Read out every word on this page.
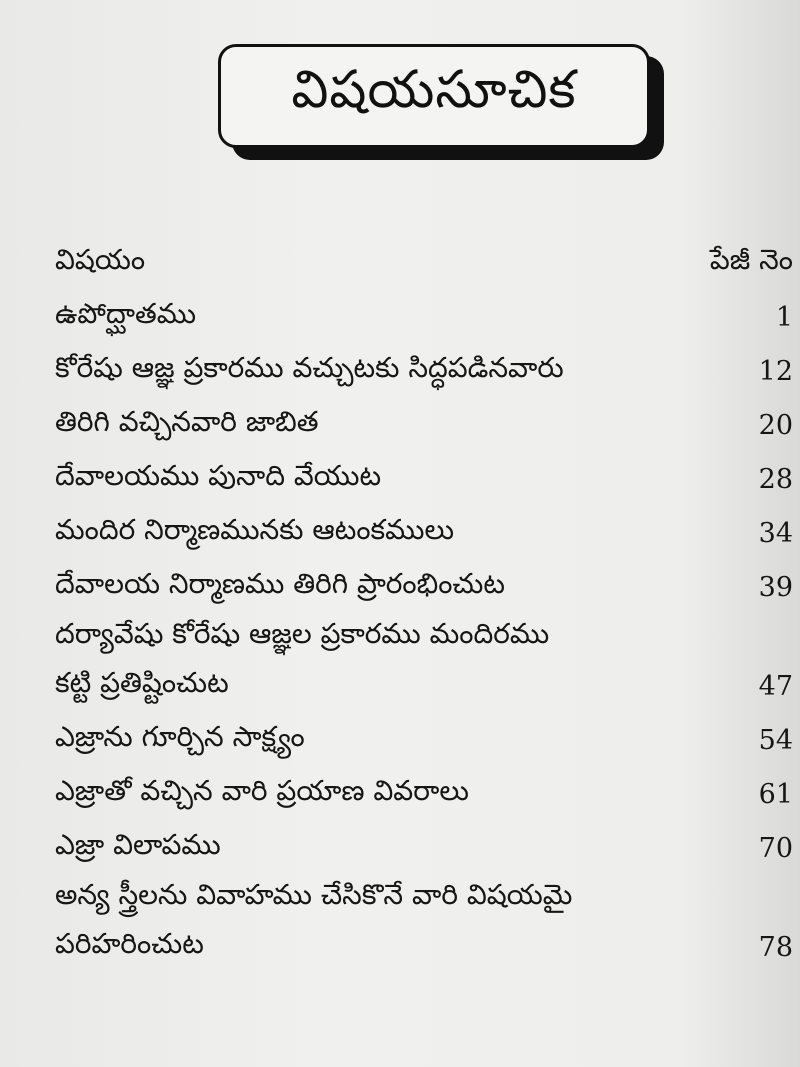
విషయసూచిక
విషయం	పేజీ నెం
ఉపోద్ఘాతము	1
కోరేషు ఆజ్ఞ ప్రకారము వచ్చుటకు సిద్ధపడినవారు	12
తిరిగి వచ్చినవారి జాబిత	20
దేవాలయము పునాది వేయుట	28
మందిర నిర్మాణమునకు ఆటంకములు	34
దేవాలయ నిర్మాణము తిరిగి ప్రారంభించుట	39
దర్యావేషు కోరేషు ఆజ్ఞల ప్రకారము మందిరము
కట్టి ప్రతిష్టించుట	47
ఎజ్రాను గూర్చిన సాక్ష్యం	54
ఎజ్రాతో వచ్చిన వారి ప్రయాణ వివరాలు	61
ఎజ్రా విలాపము	70
అన్య స్త్రీలను వివాహము చేసికొనే వారి విషయమై
పరిహరించుట	78
